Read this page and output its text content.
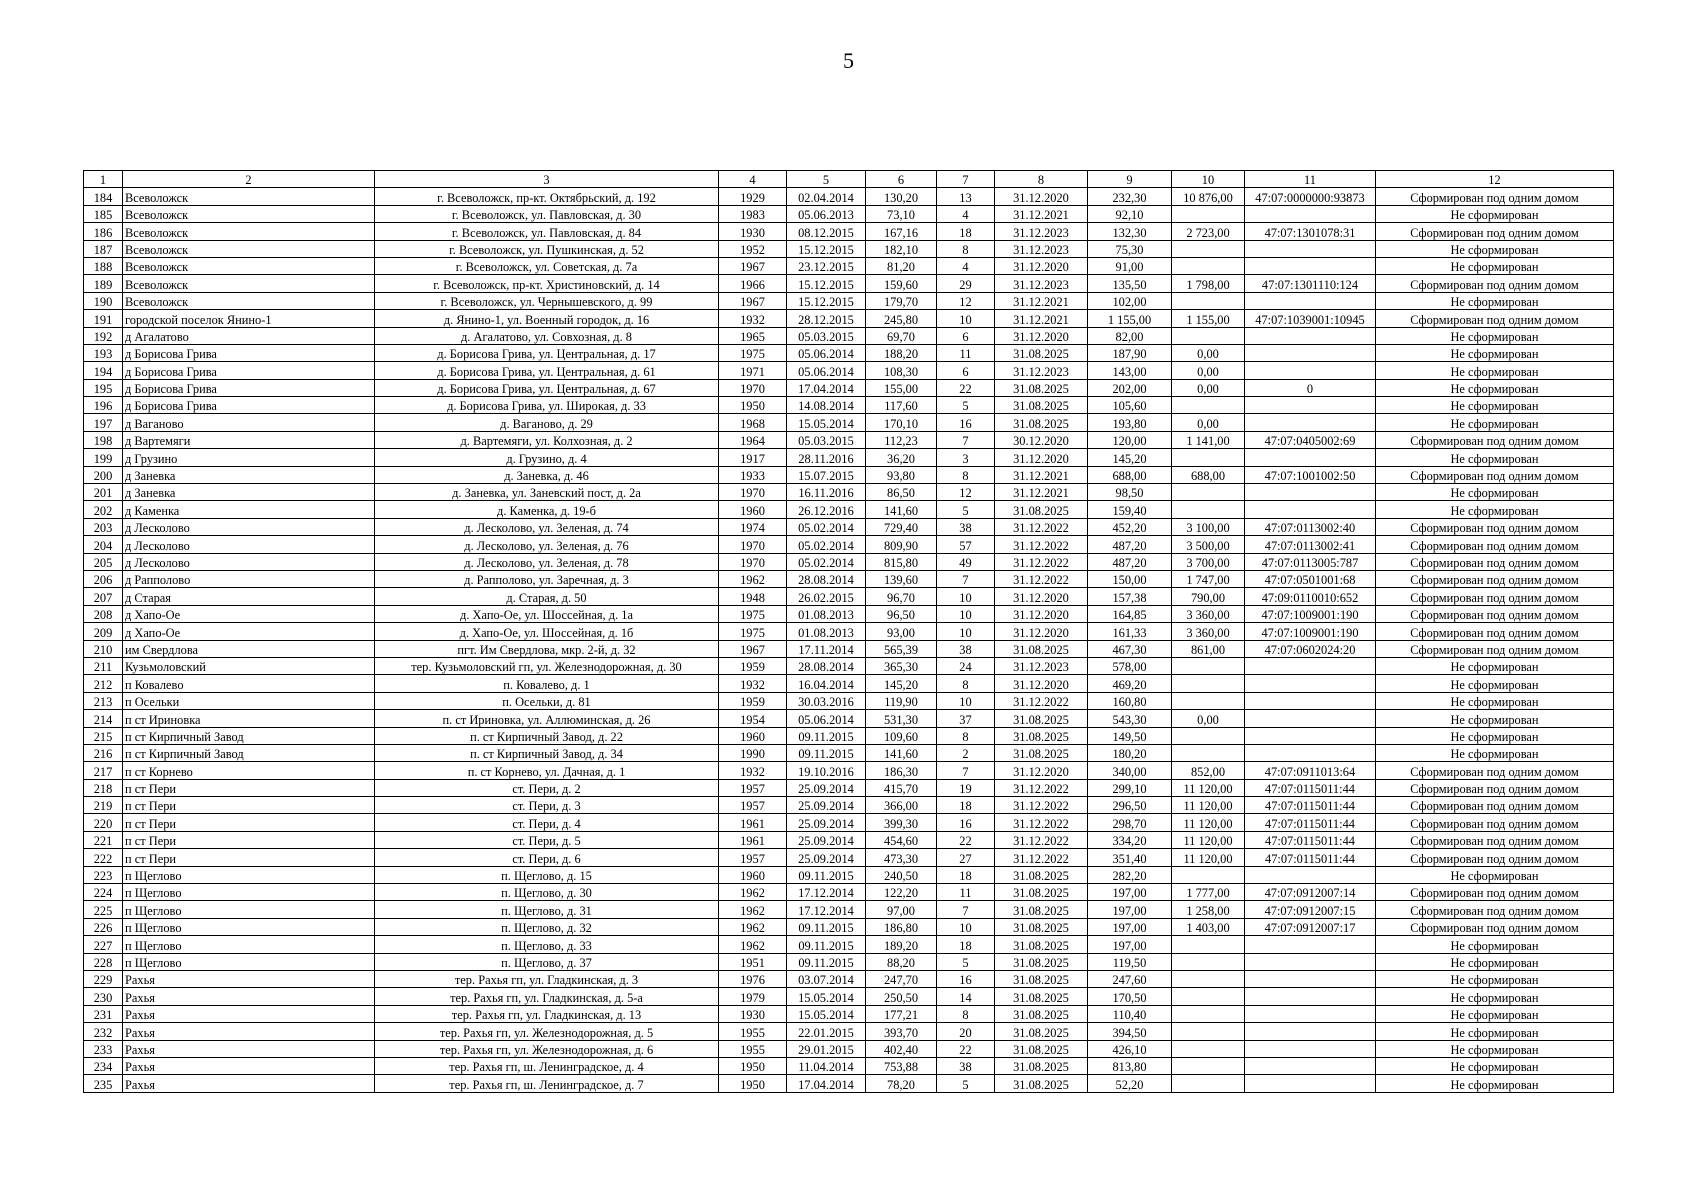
5
1	2	3	4	5	6	7	8	9	10	11	12
184	Всеволожск	г. Всеволожск, пр-кт. Октябрьский, д. 192	1929	02.04.2014	130,20	13	31.12.2020	232,30	10 876,00	47:07:0000000:93873	Сформирован под одним домом
185	Всеволожск	г. Всеволожск, ул. Павловская, д. 30	1983	05.06.2013	73,10	4	31.12.2021	92,10			Не сформирован
186	Всеволожск	г. Всеволожск, ул. Павловская, д. 84	1930	08.12.2015	167,16	18	31.12.2023	132,30	2 723,00	47:07:1301078:31	Сформирован под одним домом
187	Всеволожск	г. Всеволожск, ул. Пушкинская, д. 52	1952	15.12.2015	182,10	8	31.12.2023	75,30			Не сформирован
188	Всеволожск	г. Всеволожск, ул. Советская, д. 7а	1967	23.12.2015	81,20	4	31.12.2020	91,00			Не сформирован
189	Всеволожск	г. Всеволожск, пр-кт. Христиновский, д. 14	1966	15.12.2015	159,60	29	31.12.2023	135,50	1 798,00	47:07:1301110:124	Сформирован под одним домом
190	Всеволожск	г. Всеволожск, ул. Чернышевского, д. 99	1967	15.12.2015	179,70	12	31.12.2021	102,00			Не сформирован
191	городской поселок Янино-1	д. Янино-1, ул. Военный городок, д. 16	1932	28.12.2015	245,80	10	31.12.2021	1 155,00	1 155,00	47:07:1039001:10945	Сформирован под одним домом
192	д Агалатово	д. Агалатово, ул. Совхозная, д. 8	1965	05.03.2015	69,70	6	31.12.2020	82,00			Не сформирован
193	д Борисова Грива	д. Борисова Грива, ул. Центральная, д. 17	1975	05.06.2014	188,20	11	31.08.2025	187,90	0,00		Не сформирован
194	д Борисова Грива	д. Борисова Грива, ул. Центральная, д. 61	1971	05.06.2014	108,30	6	31.12.2023	143,00	0,00		Не сформирован
195	д Борисова Грива	д. Борисова Грива, ул. Центральная, д. 67	1970	17.04.2014	155,00	22	31.08.2025	202,00	0,00	0	Не сформирован
196	д Борисова Грива	д. Борисова Грива, ул. Широкая, д. 33	1950	14.08.2014	117,60	5	31.08.2025	105,60			Не сформирован
197	д Ваганово	д. Ваганово, д. 29	1968	15.05.2014	170,10	16	31.08.2025	193,80	0,00		Не сформирован
198	д Вартемяги	д. Вартемяги, ул. Колхозная, д. 2	1964	05.03.2015	112,23	7	30.12.2020	120,00	1 141,00	47:07:0405002:69	Сформирован под одним домом
199	д Грузино	д. Грузино, д. 4	1917	28.11.2016	36,20	3	31.12.2020	145,20			Не сформирован
200	д Заневка	д. Заневка, д. 46	1933	15.07.2015	93,80	8	31.12.2021	688,00	688,00	47:07:1001002:50	Сформирован под одним домом
201	д Заневка	д. Заневка, ул. Заневский пост, д. 2а	1970	16.11.2016	86,50	12	31.12.2021	98,50			Не сформирован
202	д Каменка	д. Каменка, д. 19-б	1960	26.12.2016	141,60	5	31.08.2025	159,40			Не сформирован
203	д Лесколово	д. Лесколово, ул. Зеленая, д. 74	1974	05.02.2014	729,40	38	31.12.2022	452,20	3 100,00	47:07:0113002:40	Сформирован под одним домом
204	д Лесколово	д. Лесколово, ул. Зеленая, д. 76	1970	05.02.2014	809,90	57	31.12.2022	487,20	3 500,00	47:07:0113002:41	Сформирован под одним домом
205	д Лесколово	д. Лесколово, ул. Зеленая, д. 78	1970	05.02.2014	815,80	49	31.12.2022	487,20	3 700,00	47:07:0113005:787	Сформирован под одним домом
206	д Рапполово	д. Рапполово, ул. Заречная, д. 3	1962	28.08.2014	139,60	7	31.12.2022	150,00	1 747,00	47:07:0501001:68	Сформирован под одним домом
207	д Старая	д. Старая, д. 50	1948	26.02.2015	96,70	10	31.12.2020	157,38	790,00	47:09:0110010:652	Сформирован под одним домом
208	д Хапо-Ое	д. Хапо-Ое, ул. Шоссейная, д. 1а	1975	01.08.2013	96,50	10	31.12.2020	164,85	3 360,00	47:07:1009001:190	Сформирован под одним домом
209	д Хапо-Ое	д. Хапо-Ое, ул. Шоссейная, д. 1б	1975	01.08.2013	93,00	10	31.12.2020	161,33	3 360,00	47:07:1009001:190	Сформирован под одним домом
210	им Свердлова	пгт. Им Свердлова, мкр. 2-й, д. 32	1967	17.11.2014	565,39	38	31.08.2025	467,30	861,00	47:07:0602024:20	Сформирован под одним домом
211	Кузьмоловский	тер. Кузьмоловский гп, ул. Железнодорожная, д. 30	1959	28.08.2014	365,30	24	31.12.2023	578,00			Не сформирован
212	п Ковалево	п. Ковалево, д. 1	1932	16.04.2014	145,20	8	31.12.2020	469,20			Не сформирован
213	п Осельки	п. Осельки, д. 81	1959	30.03.2016	119,90	10	31.12.2022	160,80			Не сформирован
214	п ст Ириновка	п. ст Ириновка, ул. Аллюминская, д. 26	1954	05.06.2014	531,30	37	31.08.2025	543,30	0,00		Не сформирован
215	п ст Кирпичный Завод	п. ст Кирпичный Завод, д. 22	1960	09.11.2015	109,60	8	31.08.2025	149,50			Не сформирован
216	п ст Кирпичный Завод	п. ст Кирпичный Завод, д. 34	1990	09.11.2015	141,60	2	31.08.2025	180,20			Не сформирован
217	п ст Корнево	п. ст Корнево, ул. Дачная, д. 1	1932	19.10.2016	186,30	7	31.12.2020	340,00	852,00	47:07:0911013:64	Сформирован под одним домом
218	п ст Пери	ст. Пери, д. 2	1957	25.09.2014	415,70	19	31.12.2022	299,10	11 120,00	47:07:0115011:44	Сформирован под одним домом
219	п ст Пери	ст. Пери, д. 3	1957	25.09.2014	366,00	18	31.12.2022	296,50	11 120,00	47:07:0115011:44	Сформирован под одним домом
220	п ст Пери	ст. Пери, д. 4	1961	25.09.2014	399,30	16	31.12.2022	298,70	11 120,00	47:07:0115011:44	Сформирован под одним домом
221	п ст Пери	ст. Пери, д. 5	1961	25.09.2014	454,60	22	31.12.2022	334,20	11 120,00	47:07:0115011:44	Сформирован под одним домом
222	п ст Пери	ст. Пери, д. 6	1957	25.09.2014	473,30	27	31.12.2022	351,40	11 120,00	47:07:0115011:44	Сформирован под одним домом
223	п Щеглово	п. Щеглово, д. 15	1960	09.11.2015	240,50	18	31.08.2025	282,20			Не сформирован
224	п Щеглово	п. Щеглово, д. 30	1962	17.12.2014	122,20	11	31.08.2025	197,00	1 777,00	47:07:0912007:14	Сформирован под одним домом
225	п Щеглово	п. Щеглово, д. 31	1962	17.12.2014	97,00	7	31.08.2025	197,00	1 258,00	47:07:0912007:15	Сформирован под одним домом
226	п Щеглово	п. Щеглово, д. 32	1962	09.11.2015	186,80	10	31.08.2025	197,00	1 403,00	47:07:0912007:17	Сформирован под одним домом
227	п Щеглово	п. Щеглово, д. 33	1962	09.11.2015	189,20	18	31.08.2025	197,00			Не сформирован
228	п Щеглово	п. Щеглово, д. 37	1951	09.11.2015	88,20	5	31.08.2025	119,50			Не сформирован
229	Рахья	тер. Рахья гп, ул. Гладкинская, д. 3	1976	03.07.2014	247,70	16	31.08.2025	247,60			Не сформирован
230	Рахья	тер. Рахья гп, ул. Гладкинская, д. 5-а	1979	15.05.2014	250,50	14	31.08.2025	170,50			Не сформирован
231	Рахья	тер. Рахья гп, ул. Гладкинская, д. 13	1930	15.05.2014	177,21	8	31.08.2025	110,40			Не сформирован
232	Рахья	тер. Рахья гп, ул. Железнодорожная, д. 5	1955	22.01.2015	393,70	20	31.08.2025	394,50			Не сформирован
233	Рахья	тер. Рахья гп, ул. Железнодорожная, д. 6	1955	29.01.2015	402,40	22	31.08.2025	426,10			Не сформирован
234	Рахья	тер. Рахья гп, ш. Ленинградское, д. 4	1950	11.04.2014	753,88	38	31.08.2025	813,80			Не сформирован
235	Рахья	тер. Рахья гп, ш. Ленинградское, д. 7	1950	17.04.2014	78,20	5	31.08.2025	52,20			Не сформирован
